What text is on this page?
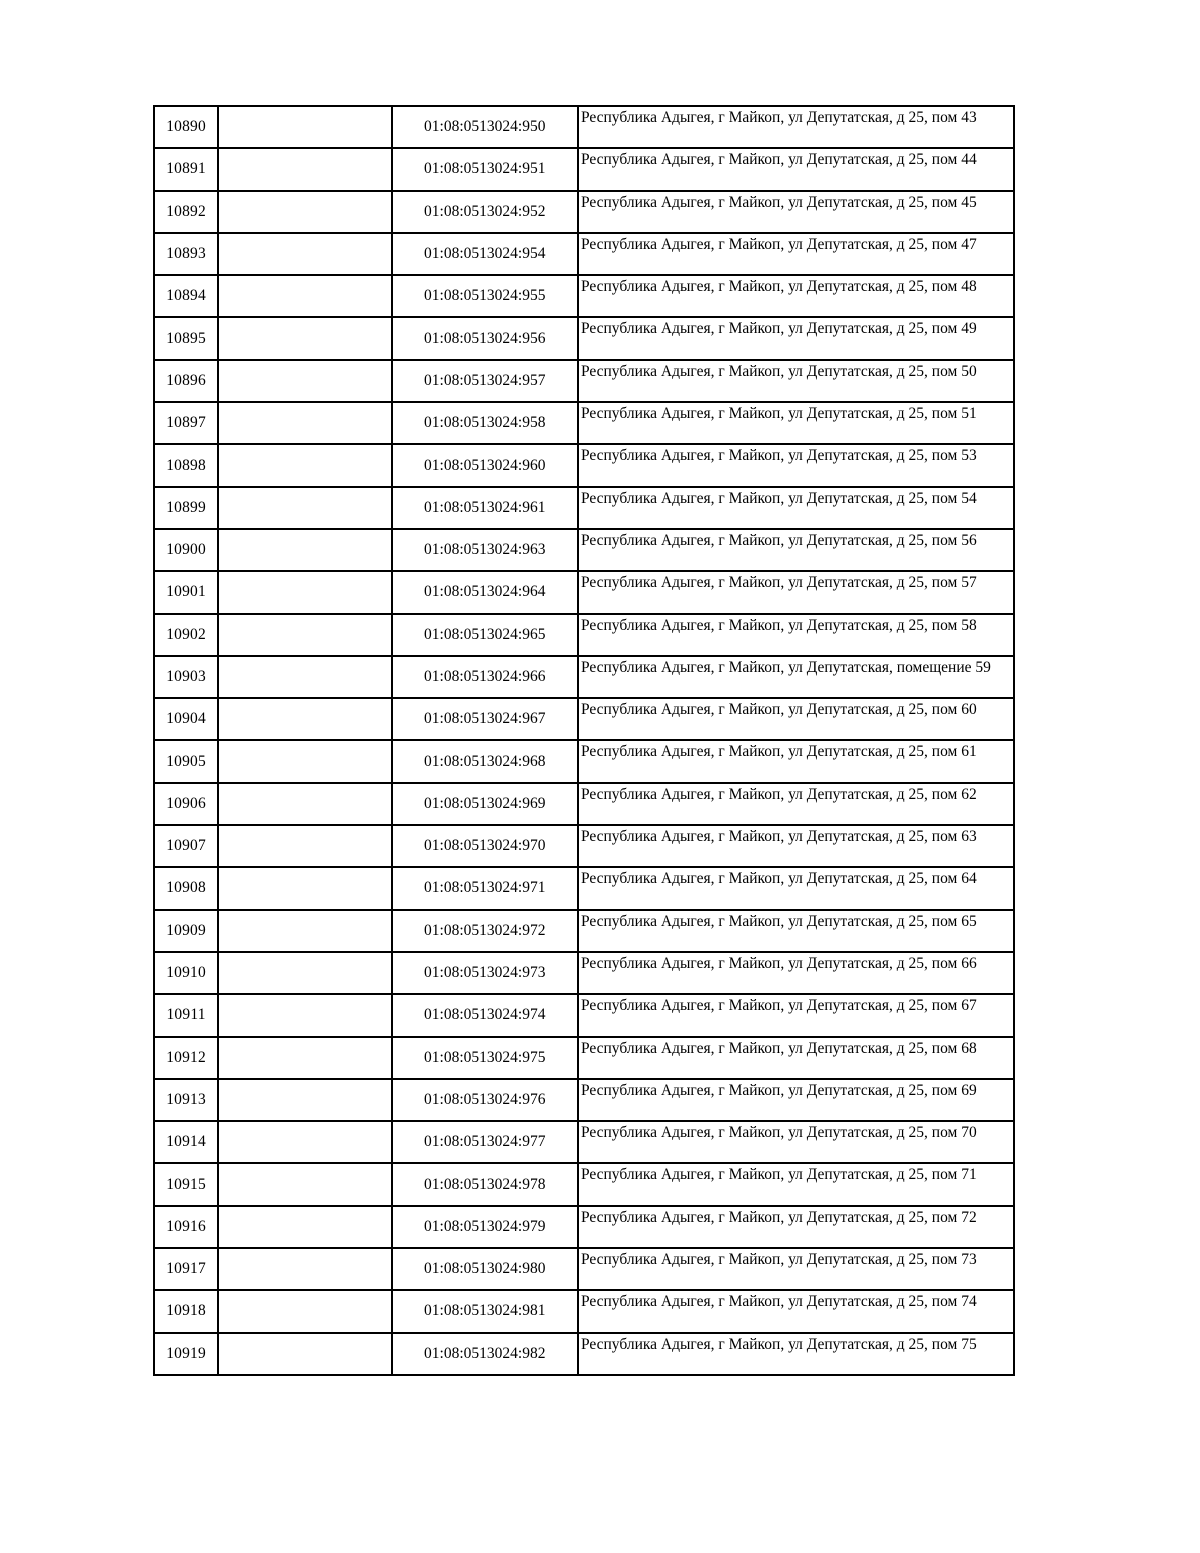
10890		01:08:0513024:950	Республика Адыгея, г Майкоп, ул Депутатская, д 25, пом 43

10891		01:08:0513024:951	Республика Адыгея, г Майкоп, ул Депутатская, д 25, пом 44

10892		01:08:0513024:952	Республика Адыгея, г Майкоп, ул Депутатская, д 25, пом 45

10893		01:08:0513024:954	Республика Адыгея, г Майкоп, ул Депутатская, д 25, пом 47

10894		01:08:0513024:955	Республика Адыгея, г Майкоп, ул Депутатская, д 25, пом 48

10895		01:08:0513024:956	Республика Адыгея, г Майкоп, ул Депутатская, д 25, пом 49

10896		01:08:0513024:957	Республика Адыгея, г Майкоп, ул Депутатская, д 25, пом 50

10897		01:08:0513024:958	Республика Адыгея, г Майкоп, ул Депутатская, д 25, пом 51

10898		01:08:0513024:960	Республика Адыгея, г Майкоп, ул Депутатская, д 25, пом 53

10899		01:08:0513024:961	Республика Адыгея, г Майкоп, ул Депутатская, д 25, пом 54

10900		01:08:0513024:963	Республика Адыгея, г Майкоп, ул Депутатская, д 25, пом 56

10901		01:08:0513024:964	Республика Адыгея, г Майкоп, ул Депутатская, д 25, пом 57

10902		01:08:0513024:965	Республика Адыгея, г Майкоп, ул Депутатская, д 25, пом 58

10903		01:08:0513024:966	Республика Адыгея, г Майкоп, ул Депутатская, помещение 59

10904		01:08:0513024:967	Республика Адыгея, г Майкоп, ул Депутатская, д 25, пом 60

10905		01:08:0513024:968	Республика Адыгея, г Майкоп, ул Депутатская, д 25, пом 61

10906		01:08:0513024:969	Республика Адыгея, г Майкоп, ул Депутатская, д 25, пом 62

10907		01:08:0513024:970	Республика Адыгея, г Майкоп, ул Депутатская, д 25, пом 63

10908		01:08:0513024:971	Республика Адыгея, г Майкоп, ул Депутатская, д 25, пом 64

10909		01:08:0513024:972	Республика Адыгея, г Майкоп, ул Депутатская, д 25, пом 65

10910		01:08:0513024:973	Республика Адыгея, г Майкоп, ул Депутатская, д 25, пом 66

10911		01:08:0513024:974	Республика Адыгея, г Майкоп, ул Депутатская, д 25, пом 67

10912		01:08:0513024:975	Республика Адыгея, г Майкоп, ул Депутатская, д 25, пом 68

10913		01:08:0513024:976	Республика Адыгея, г Майкоп, ул Депутатская, д 25, пом 69

10914		01:08:0513024:977	Республика Адыгея, г Майкоп, ул Депутатская, д 25, пом 70

10915		01:08:0513024:978	Республика Адыгея, г Майкоп, ул Депутатская, д 25, пом 71

10916		01:08:0513024:979	Республика Адыгея, г Майкоп, ул Депутатская, д 25, пом 72

10917		01:08:0513024:980	Республика Адыгея, г Майкоп, ул Депутатская, д 25, пом 73

10918		01:08:0513024:981	Республика Адыгея, г Майкоп, ул Депутатская, д 25, пом 74

10919		01:08:0513024:982	Республика Адыгея, г Майкоп, ул Депутатская, д 25, пом 75
